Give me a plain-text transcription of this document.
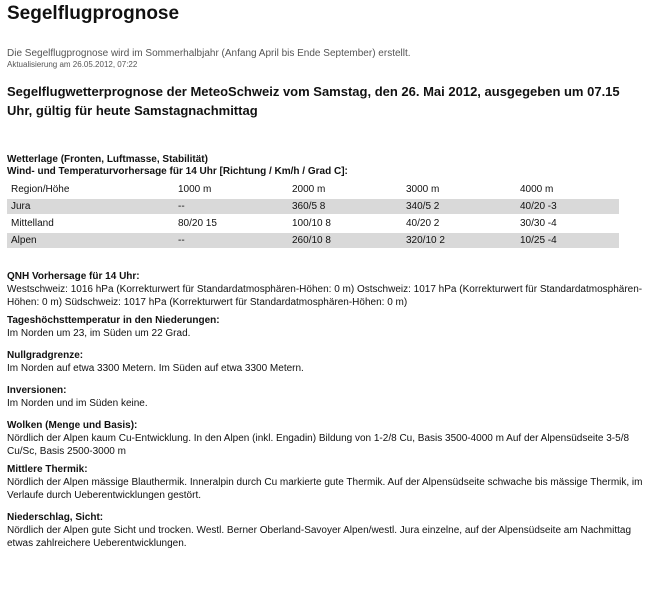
Segelflugprognose
Die Segelflugprognose wird im Sommerhalbjahr (Anfang April bis Ende September) erstellt.
Aktualisierung am 26.05.2012, 07:22
Segelflugwetterprognose der MeteoSchweiz vom Samstag, den 26. Mai 2012, ausgegeben um 07.15 Uhr, gültig für heute Samstagnachmittag
Wetterlage (Fronten, Luftmasse, Stabilität)
Wind- und Temperaturvorhersage für 14 Uhr [Richtung / Km/h / Grad C]:
Region/Höhe	1000 m	2000 m	3000 m	4000 m
Jura	--	360/5 8	340/5 2	40/20 -3
Mittelland	80/20 15	100/10 8	40/20 2	30/30 -4
Alpen	--	260/10 8	320/10 2	10/25 -4
QNH Vorhersage für 14 Uhr:
Westschweiz: 1016 hPa (Korrekturwert für Standardatmosphären-Höhen: 0 m) Ostschweiz: 1017 hPa (Korrekturwert für Standardatmosphären-Höhen: 0 m) Südschweiz: 1017 hPa (Korrekturwert für Standardatmosphären-Höhen: 0 m)
Tageshöchsttemperatur in den Niederungen:
Im Norden um 23, im Süden um 22 Grad.
Nullgradgrenze:
Im Norden auf etwa 3300 Metern. Im Süden auf etwa 3300 Metern.
Inversionen:
Im Norden und im Süden keine.
Wolken (Menge und Basis):
Nördlich der Alpen kaum Cu-Entwicklung. In den Alpen (inkl. Engadin) Bildung von 1-2/8 Cu, Basis 3500-4000 m Auf der Alpensüdseite 3-5/8 Cu/Sc, Basis 2500-3000 m
Mittlere Thermik:
Nördlich der Alpen mässige Blauthermik. Inneralpin durch Cu markierte gute Thermik. Auf der Alpensüdseite schwache bis mässige Thermik, im Verlaufe durch Ueberentwicklungen gestört.
Niederschlag, Sicht:
Nördlich der Alpen gute Sicht und trocken. Westl. Berner Oberland-Savoyer Alpen/westl. Jura einzelne, auf der Alpensüdseite am Nachmittag etwas zahlreichere Ueberentwicklungen.
